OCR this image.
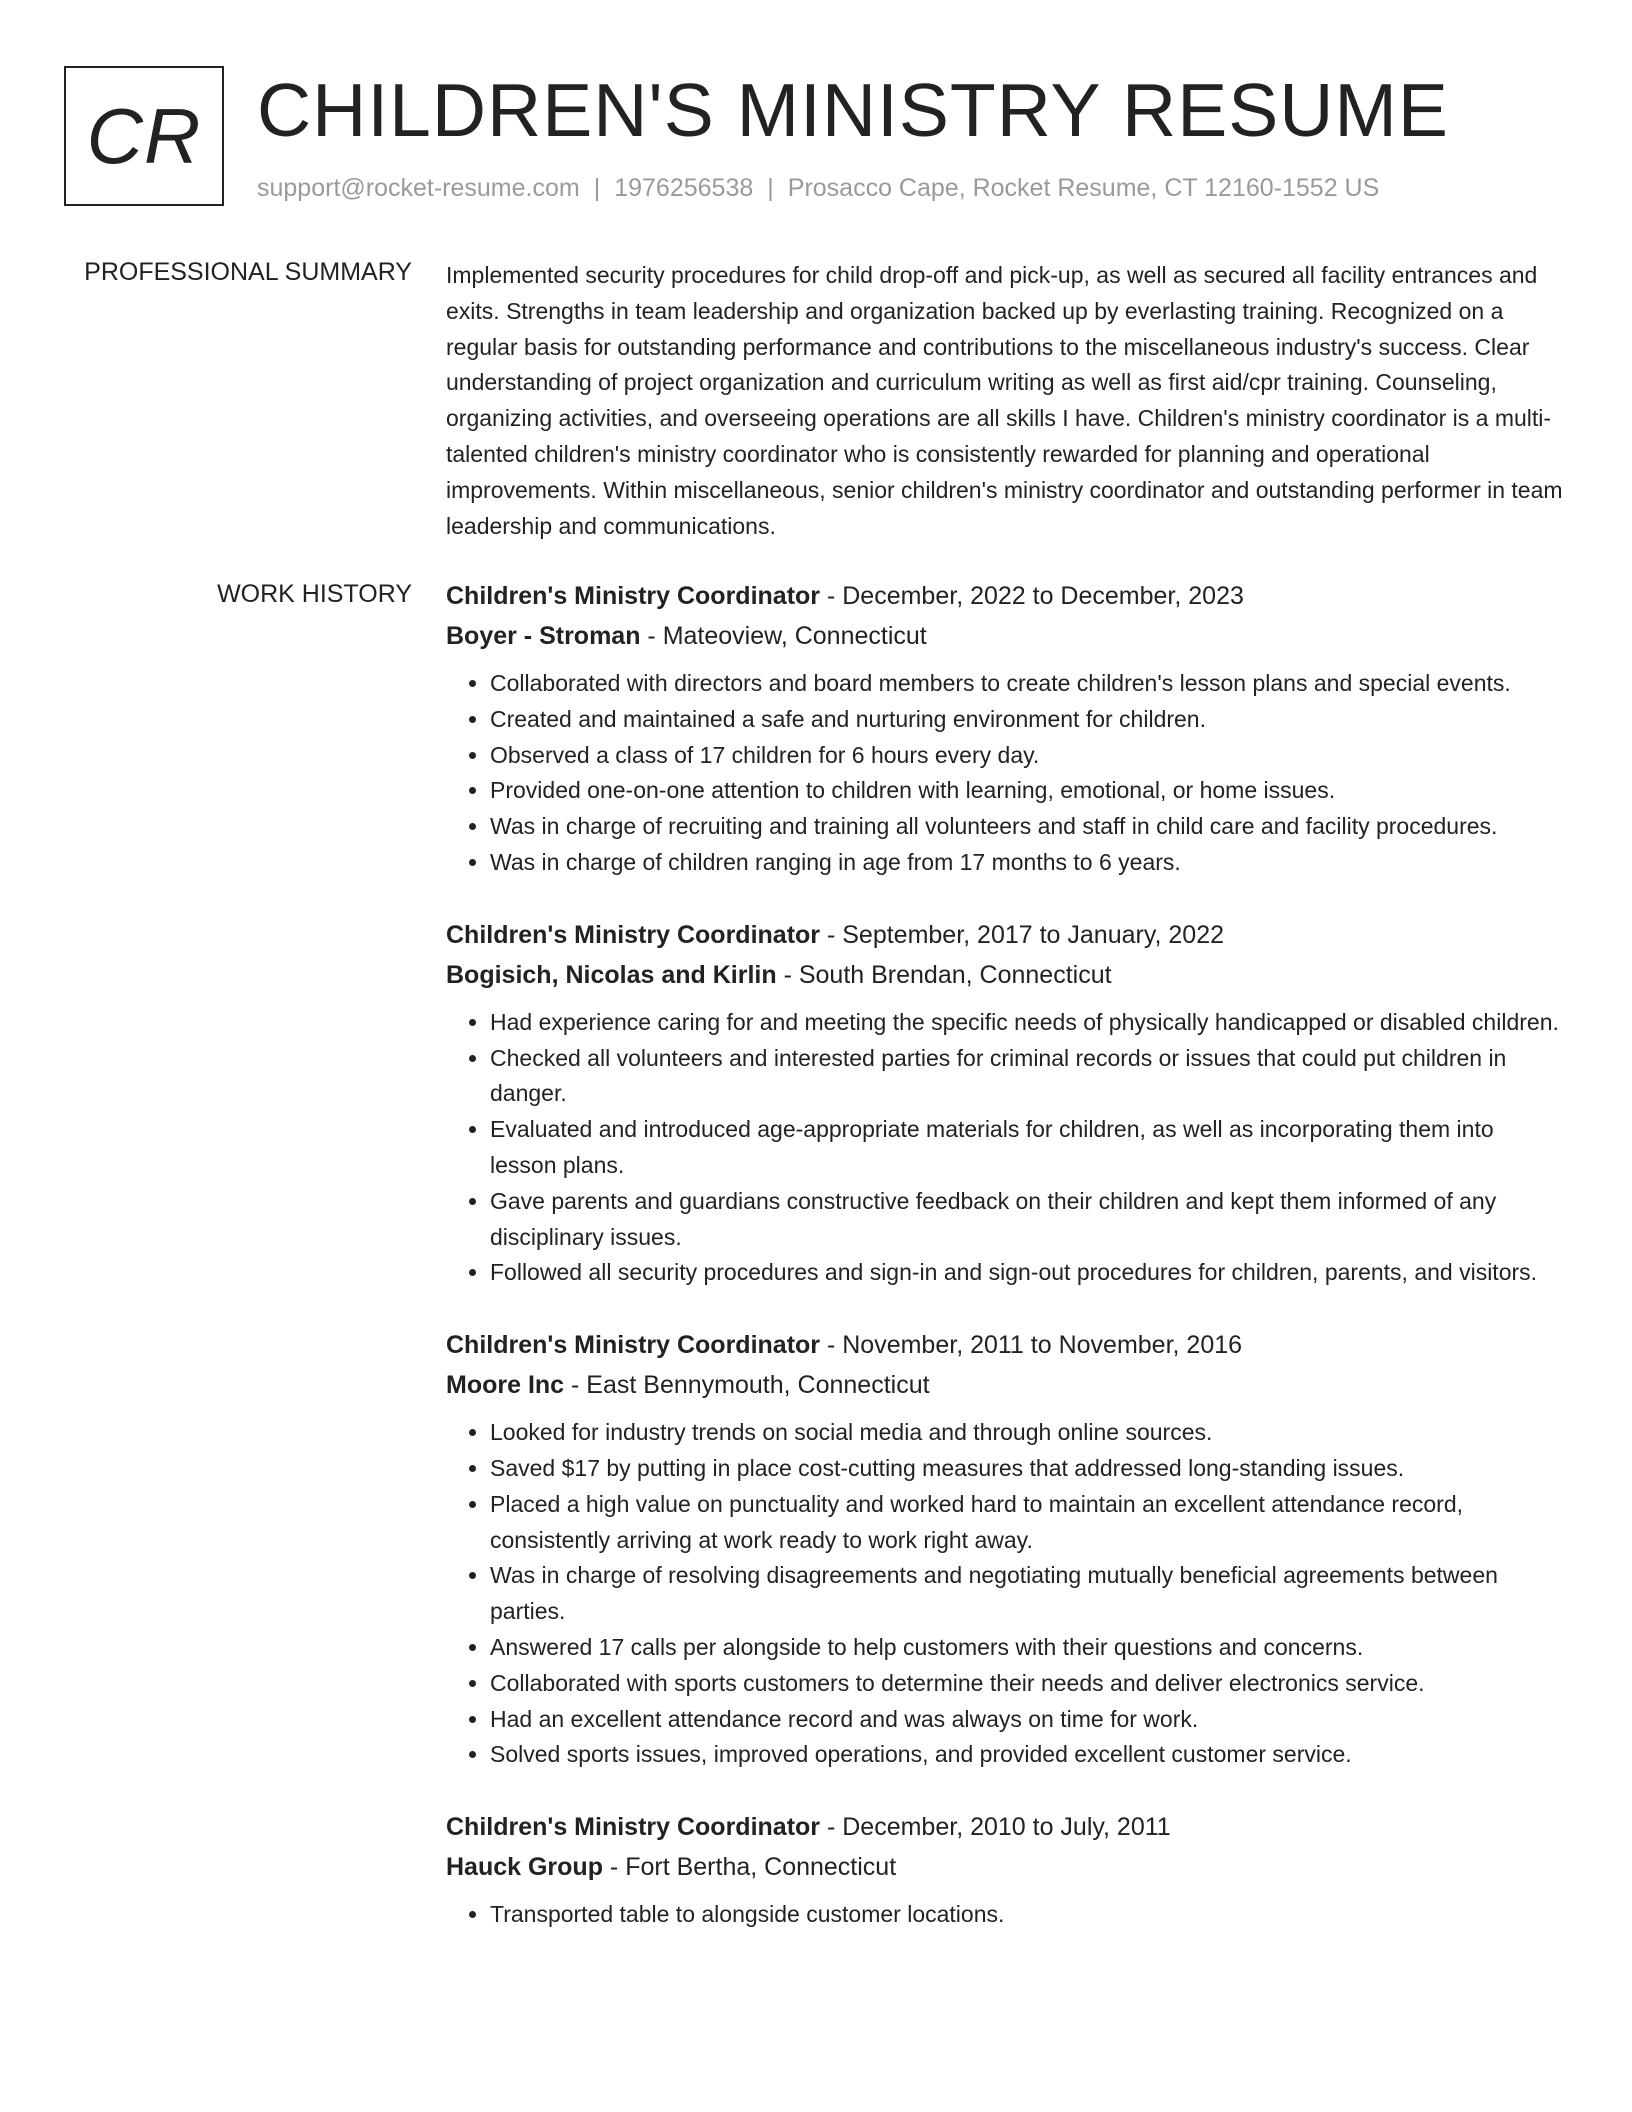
CR CHILDREN'S MINISTRY RESUME
support@rocket-resume.com | 1976256538 | Prosacco Cape, Rocket Resume, CT 12160-1552 US
PROFESSIONAL SUMMARY Implemented security procedures for child drop-off and pick-up, as well as secured all facility entrances and exits. Strengths in team leadership and organization backed up by everlasting training. Recognized on a regular basis for outstanding performance and contributions to the miscellaneous industry's success. Clear understanding of project organization and curriculum writing as well as first aid/cpr training. Counseling, organizing activities, and overseeing operations are all skills I have. Children's ministry coordinator is a multi-talented children's ministry coordinator who is consistently rewarded for planning and operational improvements. Within miscellaneous, senior children's ministry coordinator and outstanding performer in team leadership and communications.

WORK HISTORY Children's Ministry Coordinator - December, 2022 to December, 2023
Boyer - Stroman - Mateoview, Connecticut
• Collaborated with directors and board members to create children's lesson plans and special events.
• Created and maintained a safe and nurturing environment for children.
• Observed a class of 17 children for 6 hours every day.
• Provided one-on-one attention to children with learning, emotional, or home issues.
• Was in charge of recruiting and training all volunteers and staff in child care and facility procedures.
• Was in charge of children ranging in age from 17 months to 6 years.
Children's Ministry Coordinator - September, 2017 to January, 2022
Bogisich, Nicolas and Kirlin - South Brendan, Connecticut
• Had experience caring for and meeting the specific needs of physically handicapped or disabled children.
• Checked all volunteers and interested parties for criminal records or issues that could put children in danger.
• Evaluated and introduced age-appropriate materials for children, as well as incorporating them into lesson plans.
• Gave parents and guardians constructive feedback on their children and kept them informed of any disciplinary issues.
• Followed all security procedures and sign-in and sign-out procedures for children, parents, and visitors.
Children's Ministry Coordinator - November, 2011 to November, 2016
Moore Inc - East Bennymouth, Connecticut
• Looked for industry trends on social media and through online sources.
• Saved $17 by putting in place cost-cutting measures that addressed long-standing issues.
• Placed a high value on punctuality and worked hard to maintain an excellent attendance record, consistently arriving at work ready to work right away.
• Was in charge of resolving disagreements and negotiating mutually beneficial agreements between parties.
• Answered 17 calls per alongside to help customers with their questions and concerns.
• Collaborated with sports customers to determine their needs and deliver electronics service.
• Had an excellent attendance record and was always on time for work.
• Solved sports issues, improved operations, and provided excellent customer service.
Children's Ministry Coordinator - December, 2010 to July, 2011
Hauck Group - Fort Bertha, Connecticut
• Transported table to alongside customer locations.
